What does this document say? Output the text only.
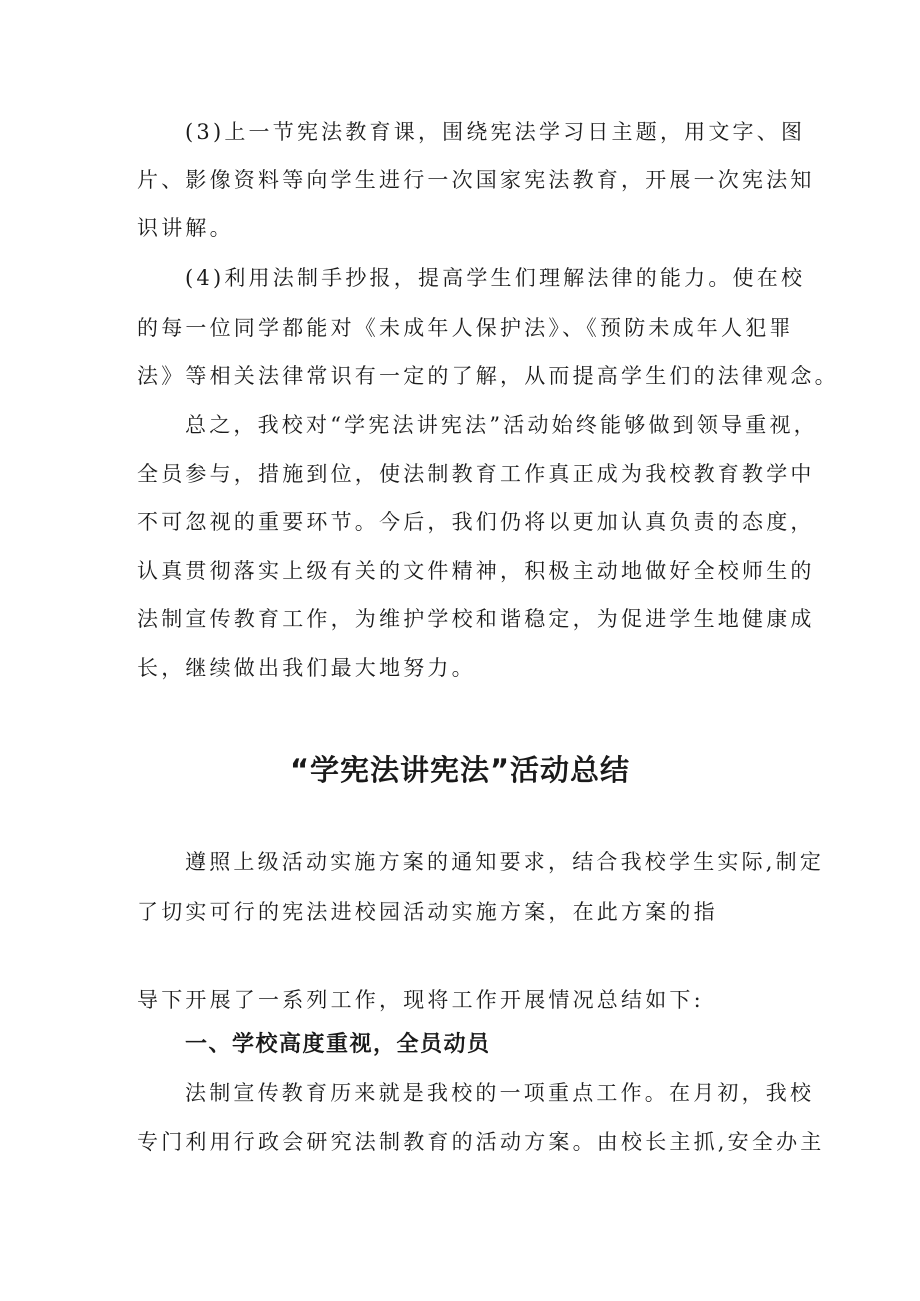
(3)上一节宪法教育课，围绕宪法学习日主题，用文字、图
片、影像资料等向学生进行一次国家宪法教育，开展一次宪法知
识讲解。
(4)利用法制手抄报，提高学生们理解法律的能力。使在校
的每一位同学都能对《未成年人保护法》、《预防未成年人犯罪
法》等相关法律常识有一定的了解，从而提高学生们的法律观念。
总之，我校对“学宪法讲宪法”活动始终能够做到领导重视，
全员参与，措施到位，使法制教育工作真正成为我校教育教学中
不可忽视的重要环节。今后，我们仍将以更加认真负责的态度，
认真贯彻落实上级有关的文件精神，积极主动地做好全校师生的
法制宣传教育工作，为维护学校和谐稳定，为促进学生地健康成
长，继续做出我们最大地努力。
“学宪法讲宪法”活动总结
遵照上级活动实施方案的通知要求，结合我校学生实际,制定
了切实可行的宪法进校园活动实施方案，在此方案的指
导下开展了一系列工作，现将工作开展情况总结如下:
一、学校高度重视，全员动员
法制宣传教育历来就是我校的一项重点工作。在月初，我校
专门利用行政会研究法制教育的活动方案。由校长主抓,安全办主
